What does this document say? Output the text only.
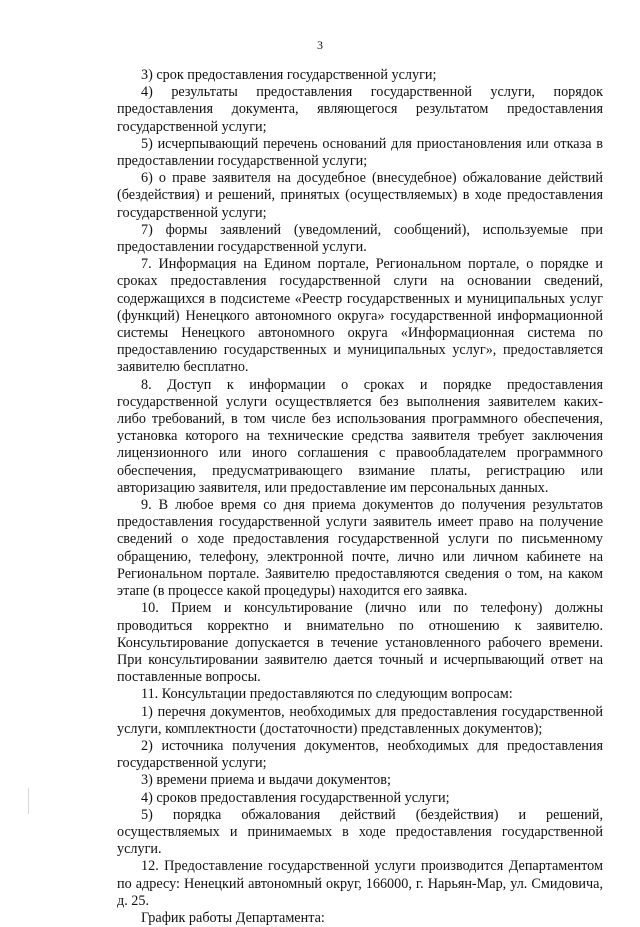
3

3) срок предоставления государственной услуги;

4) результаты предоставления государственной услуги, порядок предоставления документа, являющегося результатом предоставления государственной услуги;

5) исчерпывающий перечень оснований для приостановления или отказа в предоставлении государственной услуги;

6) о праве заявителя на досудебное (внесудебное) обжалование действий (бездействия) и решений, принятых (осуществляемых) в ходе предоставления государственной услуги;

7) формы заявлений (уведомлений, сообщений), используемые при предоставлении государственной услуги.

7. Информация на Едином портале, Региональном портале, о порядке и сроках предоставления государственной слуги на основании сведений, содержащихся в подсистеме «Реестр государственных и муниципальных услуг (функций) Ненецкого автономного округа» государственной информационной системы Ненецкого автономного округа «Информационная система по предоставлению государственных и муниципальных услуг», предоставляется заявителю бесплатно.

8. Доступ к информации о сроках и порядке предоставления государственной услуги осуществляется без выполнения заявителем каких-либо требований, в том числе без использования программного обеспечения, установка которого на технические средства заявителя требует заключения лицензионного или иного соглашения с правообладателем программного обеспечения, предусматривающего взимание платы, регистрацию или авторизацию заявителя, или предоставление им персональных данных.

9. В любое время со дня приема документов до получения результатов предоставления государственной услуги заявитель имеет право на получение сведений о ходе предоставления государственной услуги по письменному обращению, телефону, электронной почте, лично или личном кабинете на Региональном портале. Заявителю предоставляются сведения о том, на каком этапе (в процессе какой процедуры) находится его заявка.

10. Прием и консультирование (лично или по телефону) должны проводиться корректно и внимательно по отношению к заявителю. Консультирование допускается в течение установленного рабочего времени. При консультировании заявителю дается точный и исчерпывающий ответ на поставленные вопросы.

11. Консультации предоставляются по следующим вопросам:

1) перечня документов, необходимых для предоставления государственной услуги, комплектности (достаточности) представленных документов);

2) источника получения документов, необходимых для предоставления государственной услуги;

3) времени приема и выдачи документов;

4) сроков предоставления государственной услуги;

5) порядка обжалования действий (бездействия) и решений, осуществляемых и принимаемых в ходе предоставления государственной услуги.

12. Предоставление государственной услуги производится Департаментом по адресу: Ненецкий автономный округ, 166000, г. Нарьян-Мар, ул. Смидовича, д. 25.

График работы Департамента:
